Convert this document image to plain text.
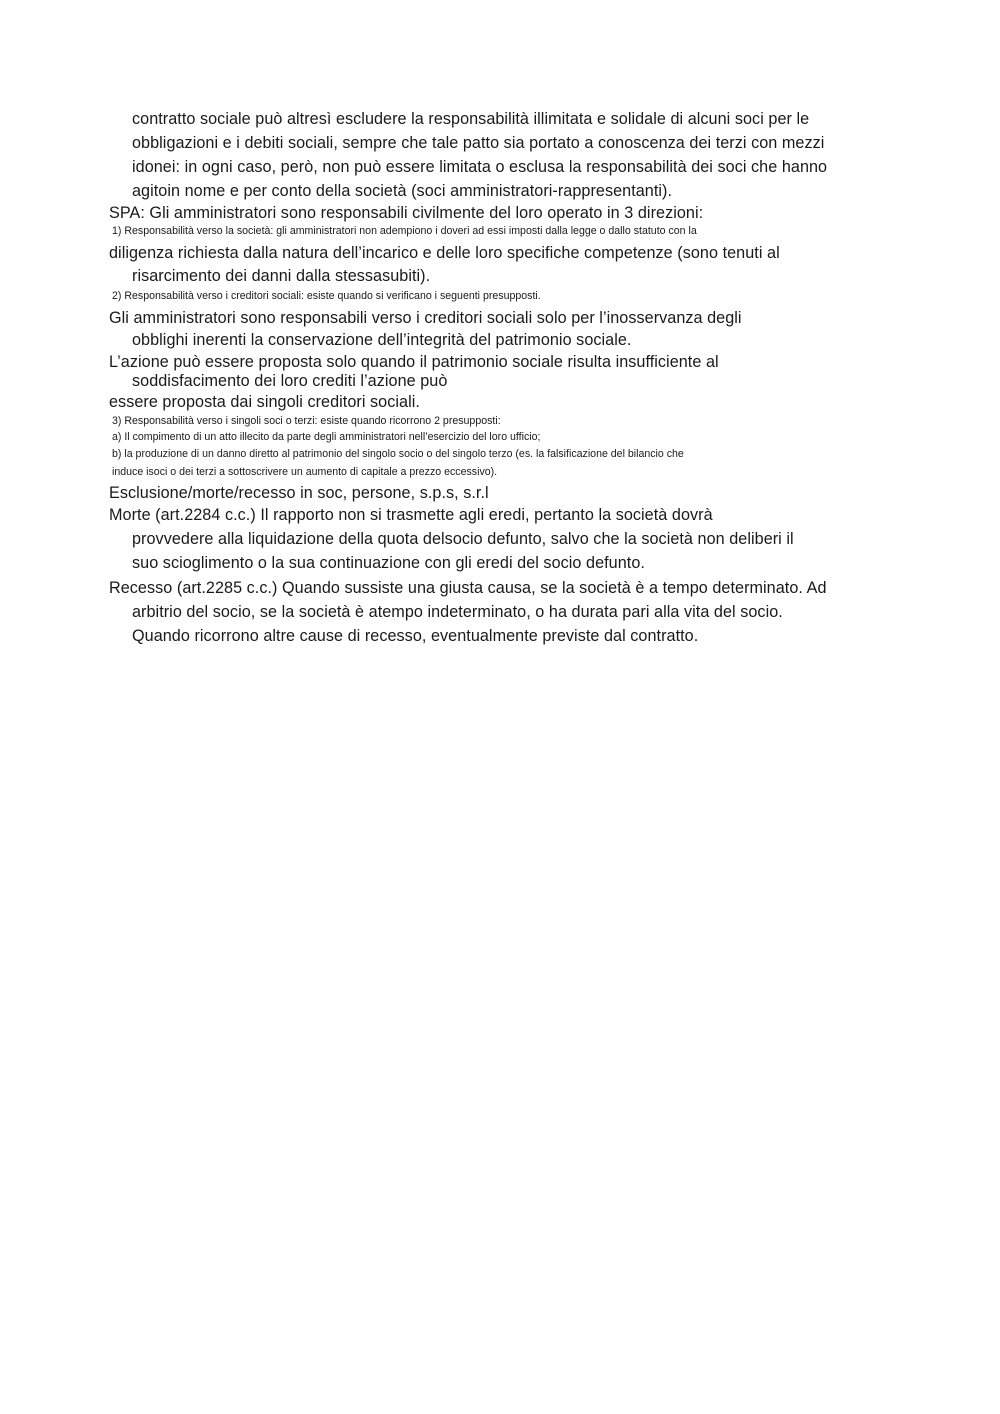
contratto sociale può altresì escludere la responsabilità illimitata e solidale di alcuni soci per le

obbligazioni e i debiti sociali, sempre che tale patto sia portato a conoscenza dei terzi con mezzi

idonei: in ogni caso, però, non può essere limitata o esclusa la responsabilità dei soci che hanno

agitoin nome e per conto della società (soci amministratori-rappresentanti).

SPA: Gli amministratori sono responsabili civilmente del loro operato in 3 direzioni:

1) Responsabilità verso la società: gli amministratori non adempiono i doveri ad essi imposti dalla legge o dallo statuto con la

diligenza richiesta dalla natura dell’incarico e delle loro specifiche competenze (sono tenuti al

risarcimento dei danni dalla stessasubiti).

2) Responsabilità verso i creditori sociali: esiste quando si verificano i seguenti presupposti.

Gli amministratori sono responsabili verso i creditori sociali solo per l’inosservanza degli

obblighi inerenti la conservazione dell’integrità del patrimonio sociale.

L’azione può essere proposta solo quando il patrimonio sociale risulta insufficiente al

soddisfacimento dei loro crediti l’azione può

essere proposta dai singoli creditori sociali.

3) Responsabilità verso i singoli soci o terzi: esiste quando ricorrono 2 presupposti:

a) Il compimento di un atto illecito da parte degli amministratori nell’esercizio del loro ufficio;

b) la produzione di un danno diretto al patrimonio del singolo socio o del singolo terzo (es. la falsificazione del bilancio che

induce isoci o dei terzi a sottoscrivere un aumento di capitale a prezzo eccessivo).

Esclusione/morte/recesso in soc, persone, s.p.s, s.r.l

Morte (art.2284 c.c.) Il rapporto non si trasmette agli eredi, pertanto la società dovrà

provvedere alla liquidazione della quota delsocio defunto, salvo che la società non deliberi il

suo scioglimento o la sua continuazione con gli eredi del socio defunto.

Recesso (art.2285 c.c.) Quando sussiste una giusta causa, se la società è a tempo determinato. Ad

arbitrio del socio, se la società è atempo indeterminato, o ha durata pari alla vita del socio.

Quando ricorrono altre cause di recesso, eventualmente previste dal contratto.
